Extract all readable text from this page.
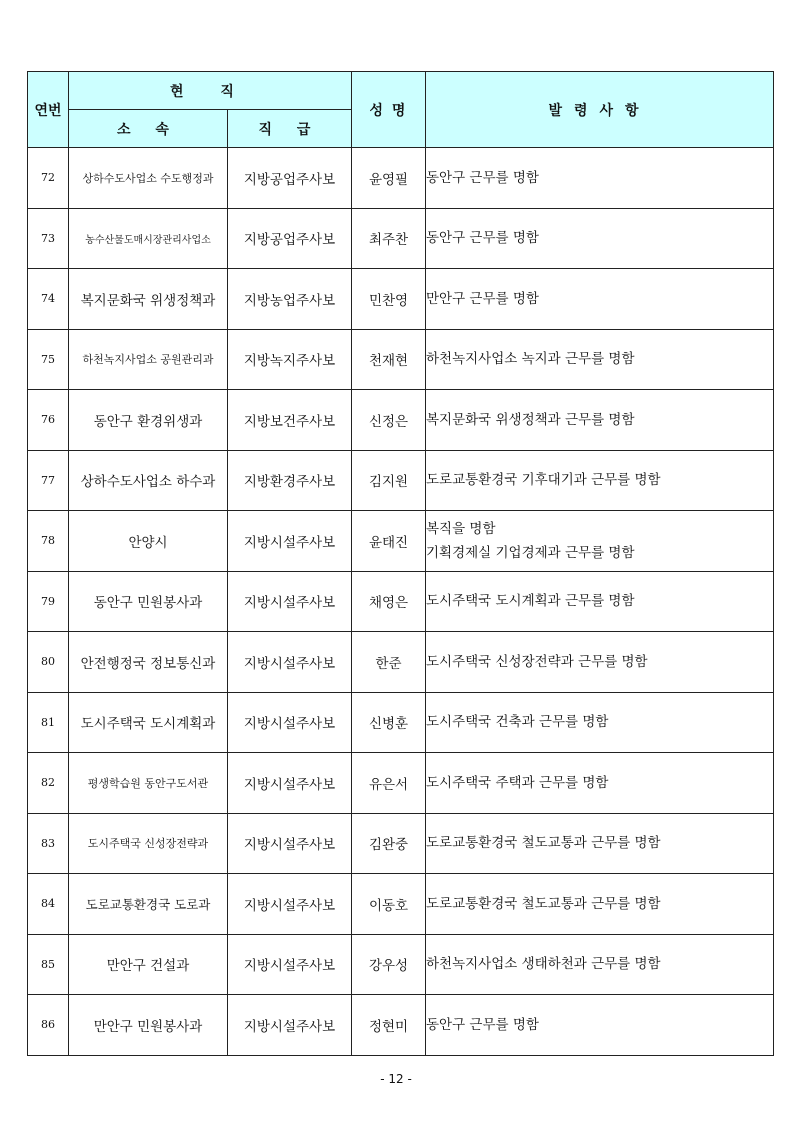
연번	현 직		성 명	발령사항
	소 속	직 급		
72	상하수도사업소 수도행정과	지방공업주사보	윤영필	동안구 근무를 명함
73	농수산물도매시장관리사업소	지방공업주사보	최주찬	동안구 근무를 명함
74	복지문화국 위생정책과	지방농업주사보	민찬영	만안구 근무를 명함
75	하천녹지사업소 공원관리과	지방녹지주사보	천재현	하천녹지사업소 녹지과 근무를 명함
76	동안구 환경위생과	지방보건주사보	신정은	복지문화국 위생정책과 근무를 명함
77	상하수도사업소 하수과	지방환경주사보	김지원	도로교통환경국 기후대기과 근무를 명함
78	안양시	지방시설주사보	윤태진	복직을 명함
기획경제실 기업경제과 근무를 명함

79	동안구 민원봉사과	지방시설주사보	채영은	도시주택국 도시계획과 근무를 명함
80	안전행정국 정보통신과	지방시설주사보	한준	도시주택국 신성장전략과 근무를 명함
81	도시주택국 도시계획과	지방시설주사보	신병훈	도시주택국 건축과 근무를 명함
82	평생학습원 동안구도서관	지방시설주사보	유은서	도시주택국 주택과 근무를 명함
83	도시주택국 신성장전략과	지방시설주사보	김완중	도로교통환경국 철도교통과 근무를 명함
84	도로교통환경국 도로과	지방시설주사보	이동호	도로교통환경국 철도교통과 근무를 명함
85	만안구 건설과	지방시설주사보	강우성	하천녹지사업소 생태하천과 근무를 명함
86	만안구 민원봉사과	지방시설주사보	정현미	동안구 근무를 명함
- 12 -
